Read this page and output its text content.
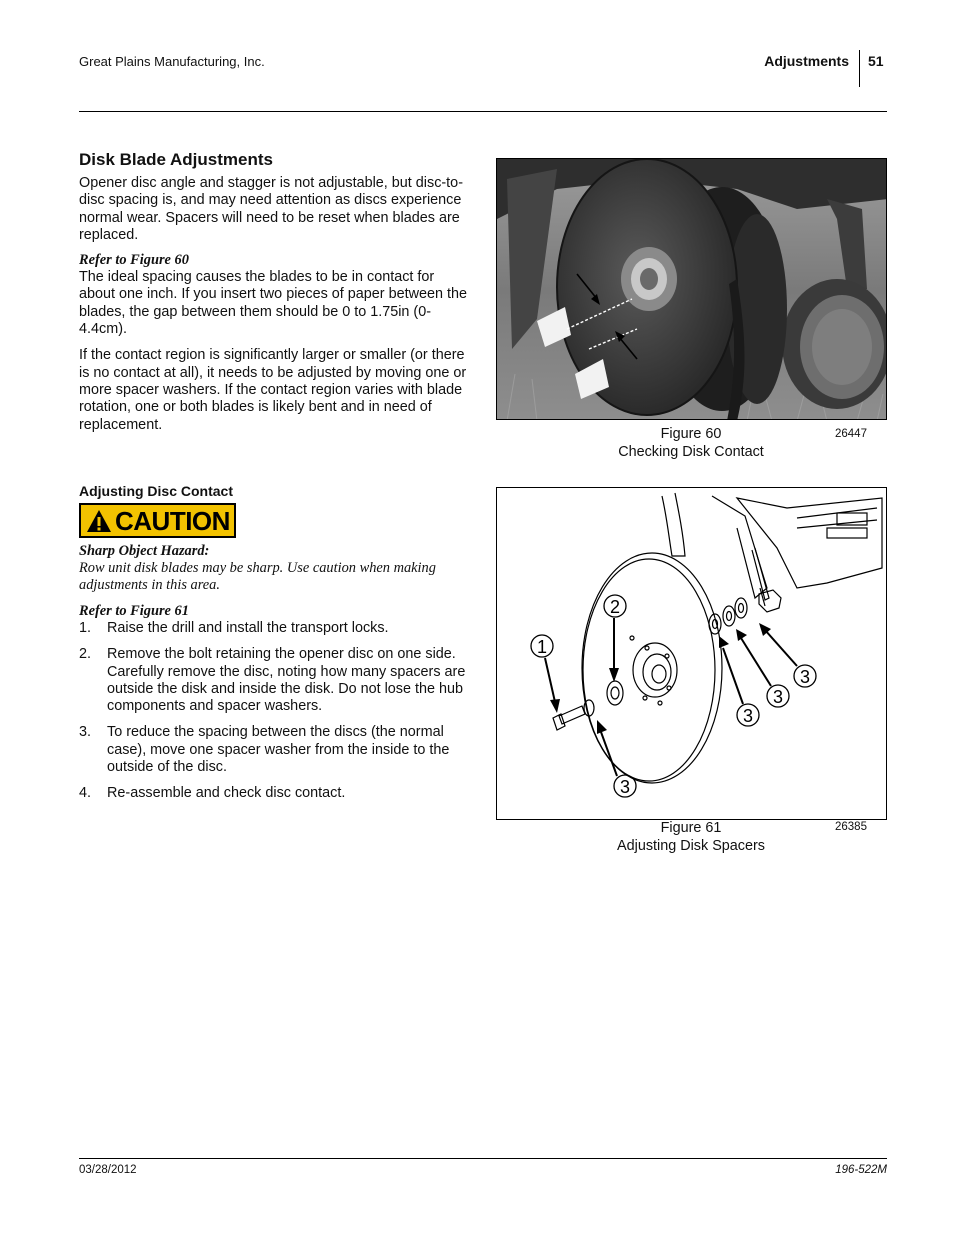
Great Plains Manufacturing, Inc.	Adjustments 51
Disk Blade Adjustments

Opener disc angle and stagger is not adjustable, but disc-to-disc spacing is, and may need attention as discs experience normal wear. Spacers will need to be reset when blades are replaced.

Refer to Figure 60

The ideal spacing causes the blades to be in contact for about one inch. If you insert two pieces of paper between the blades, the gap between them should be 0 to 1.75in (0-4.4cm).

If the contact region is significantly larger or smaller (or there is no contact at all), it needs to be adjusted by moving one or more spacer washers. If the contact region varies with blade rotation, one or both blades is likely bent and in need of replacement.

Adjusting Disc Contact
CAUTION

Sharp Object Hazard:

Row unit disk blades may be sharp. Use caution when making adjustments in this area.

Refer to Figure 61

1. Raise the drill and install the transport locks.
2. Remove the bolt retaining the opener disc on one side. Carefully remove the disc, noting how many spacers are outside the disk and inside the disk. Do not lose the hub components and spacer washers.
3. To reduce the spacing between the discs (the normal case), move one spacer washer from the inside to the outside of the disc.
4. Re-assemble and check disc contact.
Figure 60
Checking Disk Contact
26447
1
2
3
3
3
3
Figure 61
Adjusting Disk Spacers
26385
03/28/2012	196-522M
